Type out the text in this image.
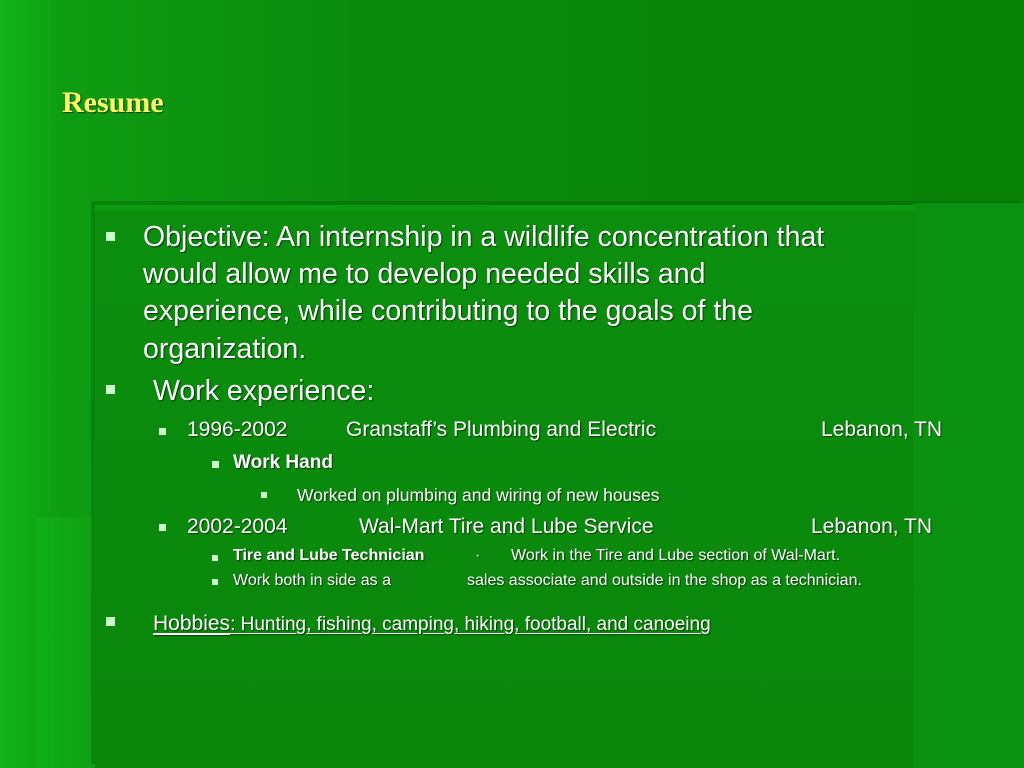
Resume
Objective: An internship in a wildlife concentration that
would allow me to develop needed skills and
experience, while contributing to the goals of the
organization.
Work experience:
1996-2002	Granstaff’s Plumbing and Electric	Lebanon, TN
Work Hand
Worked on plumbing and wiring of new houses
2002-2004	Wal-Mart Tire and Lube Service	Lebanon, TN
Tire and Lube Technician	· Work in the Tire and Lube section of Wal-Mart.
Work both in side as a	sales associate and outside in the shop as a technician.
Hobbies: Hunting, fishing, camping, hiking, football, and canoeing
